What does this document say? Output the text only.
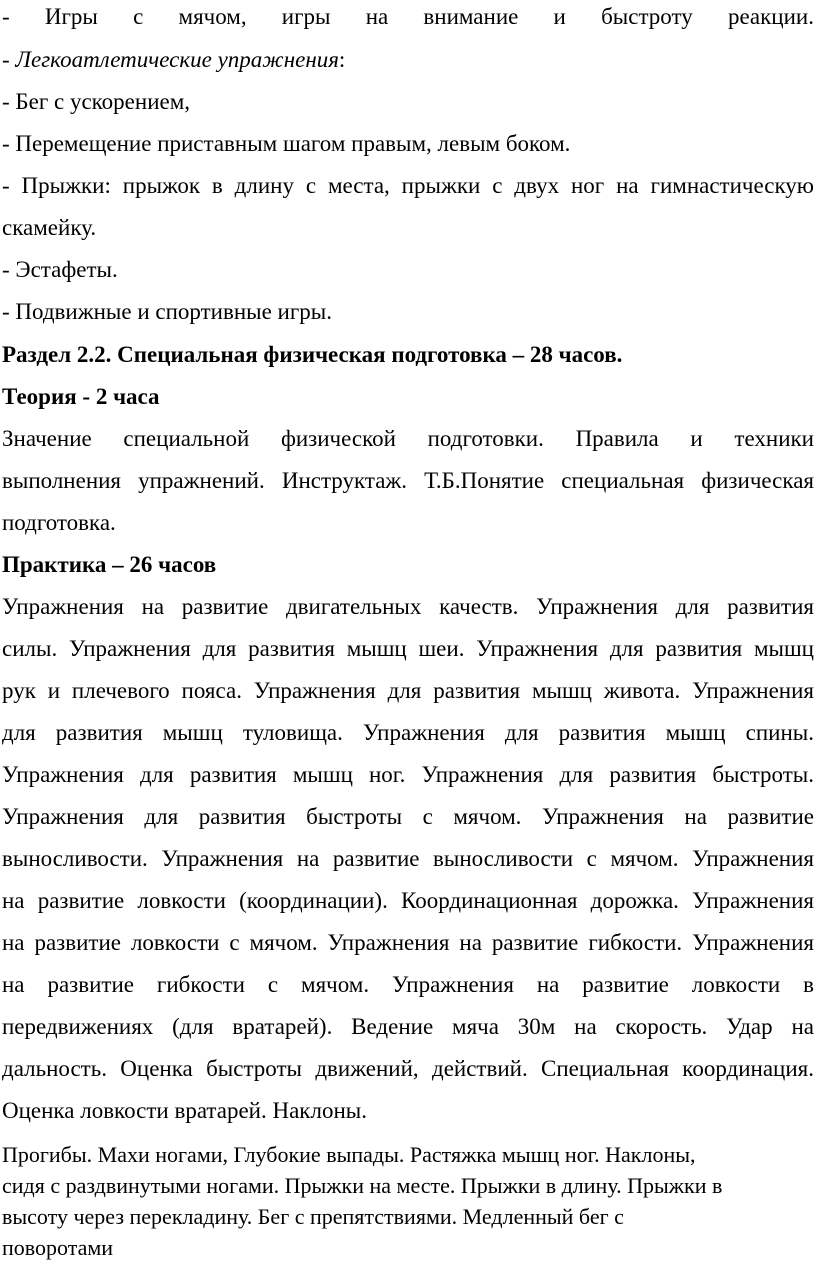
- Игры с мячом, игры на внимание и быстроту реакции.
- Легкоатлетические упражнения:
- Бег с ускорением,
- Перемещение приставным шагом правым, левым боком.
- Прыжки: прыжок в длину с места, прыжки с двух ног на гимнастическую
скамейку.
- Эстафеты.
- Подвижные и спортивные игры.
Раздел 2.2. Специальная физическая подготовка – 28 часов.
Теория - 2 часа
Значение специальной физической подготовки. Правила и техники
выполнения упражнений. Инструктаж. Т.Б.Понятие специальная физическая
подготовка.
Практика – 26 часов
Упражнения на развитие двигательных качеств. Упражнения для развития
силы. Упражнения для развития мышц шеи. Упражнения для развития мышц
рук и плечевого пояса. Упражнения для развития мышц живота. Упражнения
для развития мышц туловища. Упражнения для развития мышц спины.
Упражнения для развития мышц ног. Упражнения для развития быстроты.
Упражнения для развития быстроты с мячом. Упражнения на развитие
выносливости. Упражнения на развитие выносливости с мячом. Упражнения
на развитие ловкости (координации). Координационная дорожка. Упражнения
на развитие ловкости с мячом. Упражнения на развитие гибкости. Упражнения
на развитие гибкости с мячом. Упражнения на развитие ловкости в
передвижениях (для вратарей). Ведение мяча 30м на скорость. Удар на
дальность. Оценка быстроты движений, действий. Специальная координация.
Оценка ловкости вратарей. Наклоны.
Прогибы. Махи ногами, Глубокие выпады. Растяжка мышц ног. Наклоны,
сидя с раздвинутыми ногами. Прыжки на месте. Прыжки в длину. Прыжки в
высоту через перекладину. Бег с препятствиями. Медленный бег с
поворотами
